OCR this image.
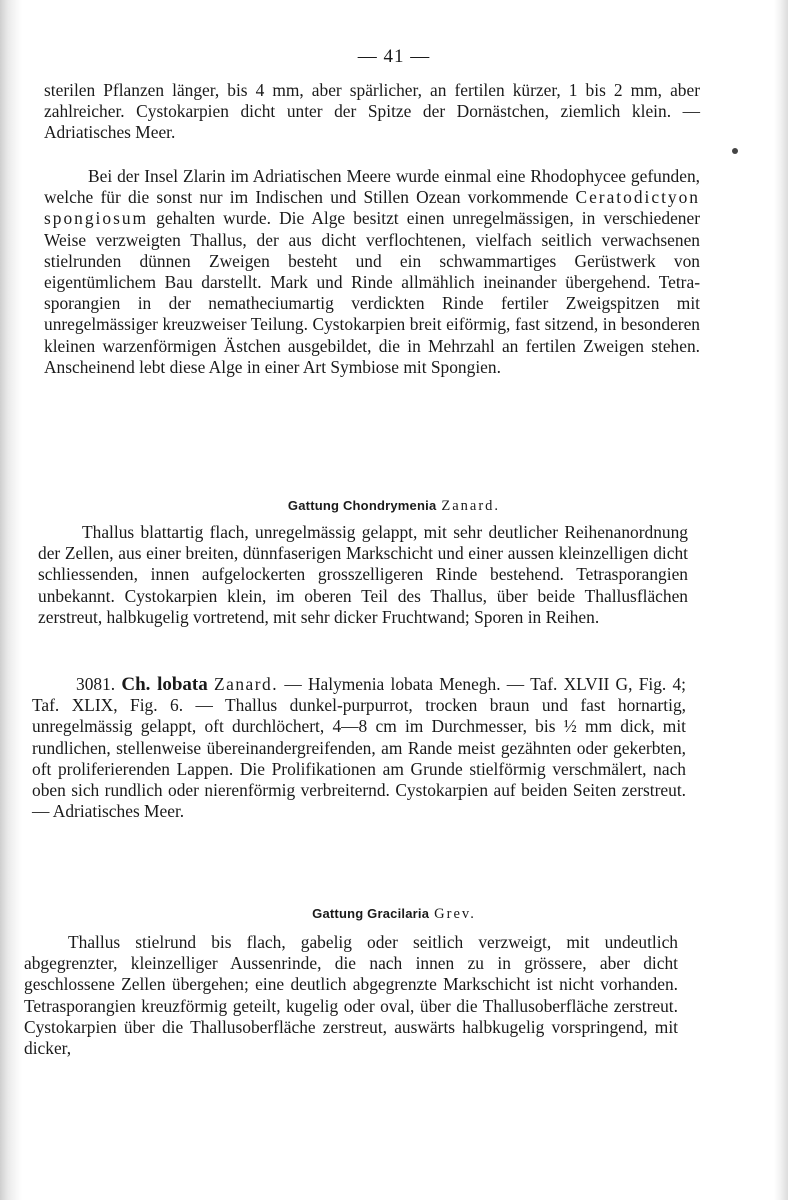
— 41 —

sterilen Pflanzen länger, bis 4 mm, aber spärlicher, an fertilen kürzer, 1 bis 2 mm, aber zahlreicher. Cystokarpien dicht unter der Spitze der Dornästchen, ziemlich klein. — Adriatisches Meer.

Bei der Insel Zlarin im Adriatischen Meere wurde einmal eine Rhodophycee gefunden, welche für die sonst nur im Indischen und Stillen Ozean vorkommende Ceratodictyon spongiosum gehalten wurde. Die Alge besitzt einen unregelmässigen, in verschiedener Weise verzweigten Thallus, der aus dicht verflochtenen, vielfach seitlich verwachsenen stielrunden dünnen Zweigen besteht und ein schwammartiges Gerüstwerk von eigentümlichem Bau darstellt. Mark und Rinde allmählich ineinander übergehend. Tetrasporangien in der nematheciumartig verdickten Rinde fertiler Zweigspitzen mit unregelmässiger kreuzweiser Teilung. Cystokarpien breit eiförmig, fast sitzend, in besonderen kleinen warzenförmigen Ästchen ausgebildet, die in Mehrzahl an fertilen Zweigen stehen. Anscheinend lebt diese Alge in einer Art Symbiose mit Spongien.

Gattung Chondrymenia Zanard.

Thallus blattartig flach, unregelmässig gelappt, mit sehr deutlicher Reihenanordnung der Zellen, aus einer breiten, dünnfaserigen Markschicht und einer aussen kleinzelligen dicht schliessenden, innen aufgelockerten grosszelligeren Rinde bestehend. Tetrasporangien unbekannt. Cystokarpien klein, im oberen Teil des Thallus, über beide Thallusflächen zerstreut, halbkugelig vortretend, mit sehr dicker Fruchtwand; Sporen in Reihen.

3081. Ch. lobata Zanard. — Halymenia lobata Menegh. — Taf. XLVII G, Fig. 4; Taf. XLIX, Fig. 6. — Thallus dunkel-purpurrot, trocken braun und fast hornartig, unregelmässig gelappt, oft durchlöchert, 4—8 cm im Durchmesser, bis ½ mm dick, mit rundlichen, stellenweise übereinandergreifenden, am Rande meist gezähnten oder gekerbten, oft proliferierenden Lappen. Die Prolifikationen am Grunde stielförmig verschmälert, nach oben sich rundlich oder nierenförmig verbreiternd. Cystokarpien auf beiden Seiten zerstreut. — Adriatisches Meer.

Gattung Gracilaria Grev.

Thallus stielrund bis flach, gabelig oder seitlich verzweigt, mit undeutlich abgegrenzter, kleinzelliger Aussenrinde, die nach innen zu in grössere, aber dicht geschlossene Zellen übergehen; eine deutlich abgegrenzte Markschicht ist nicht vorhanden. Tetrasporangien kreuzförmig geteilt, kugelig oder oval, über die Thallusoberfläche zerstreut. Cystokarpien über die Thallusoberfläche zerstreut, auswärts halbkugelig vorspringend, mit dicker,
